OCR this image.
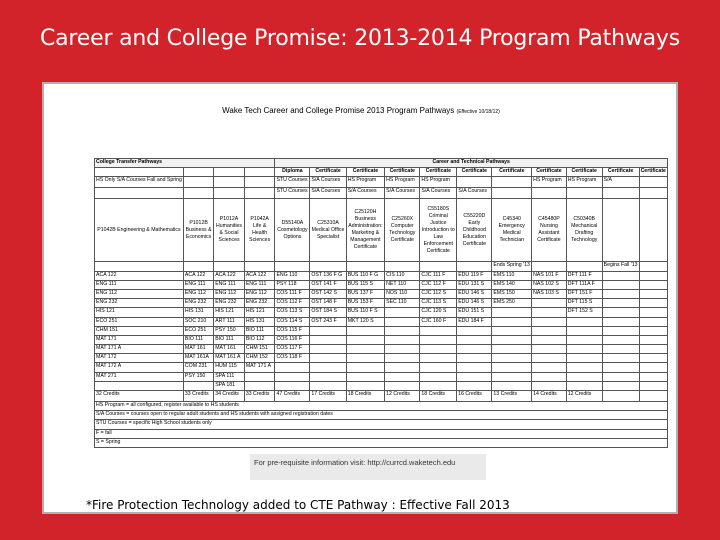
Career and College Promise: 2013-2014 Program Pathways
Wake Tech Career and College Promise 2013 Program Pathways (Effective 10/18/12)
College Transfer Pathways				Career and Technical Pathways										
				Diploma	Certificate	Certificate	Certificate	Certificate	Certificate	Certificate	Certificate	Certificate	Certificate	Certificate
HS Only S/A Courses Fall and Spring				STU Courses	S/A Courses	HS Program	HS Program	HS Program			HS Program	HS Program	S/A	
				STU Courses	S/A Courses	S/A Courses	S/A Courses	S/A Courses	S/A Courses					
P1042B Engineering & Mathematics	P1012B Business & Economics	P1012A Humanities & Social Sciences	P1042A Life & Health Sciences	D55140A Cosmetology Options	C25310A Medical Office Specialist	C25120H Business Administration: Marketing & Management Certificate	C25260X Computer Technology Certificate	C55180S Criminal Justice Introduction to Law Enforcement Certificate	C55220D Early Childhood Education Certificate	C45340 Emergency Medical Technician	C45480P Nursing Assistant Certificate	C50340B Mechanical Drafting Technology		
										Ends Spring '13			Begins Fall '13	
ACA 122	ACA 122	ACA 122	ACA 122	ENG 110	OST 136 F G	BUS 110 F G	CIS 110	CJC 111 F	EDU 119 F	EMS 110	NAS 101 F	DFT 111 F		
ENG 111	ENG 111	ENG 111	ENG 111	PSY 118	OST 141 F	BUS 115 S	NET 110	CJC 112 F	EDU 131 S	EMS 140	NAS 102 S	DFT 111A F		
ENG 112	ENG 112	ENG 112	ENG 112	COS 111 F	OST 142 S	BUS 137 F	NOS 110	CJC 112 S	EDU 146 S	EMS 150	NAS 103 S	DFT 151 F		
ENG 232	ENG 232	ENG 232	ENG 232	COS 112 F	OST 148 F	BUS 153 F	SEC 110	CJC 113 S	EDU 146 S	EMS 250		DFT 115 S		
HIS 121	HIS 131	HIS 121	HIS 121	COS 113 S	OST 184 S	BUS 110 F S		CJC 120 S	EDU 151 S			DFT 152 S		
ECO 251	SOC 210	ART 111	HIS 131	COS 114 S	OST 243 F	MKT 120 S		CJC 160 F	EDU 184 F					
CHM 151	ECO 251	PSY 150	BIO 111	COS 115 F										
MAT 171	BIO 111	BIO 111	BIO 112	COS 116 F										
MAT 171 A	MAT 161	MAT 161	CHM 151	COS 117 F										
MAT 172	MAT 161A	MAT 161 A	CHM 152	COS 118 F										
MAT 172 A	COM 231	HUM 115	MAT 171 A											
MAT 271	PSY 150	SPA 111												
		SPA 181												
32 Credits	33 Credits	34 Credits	33 Credits	47 Credits	17 Credits	18 Credits	12 Credits	18 Credits	16 Credits	13 Credits	14 Credits	12 Credits		
HS Program = all configured, register available to HS students														
S/A Courses = courses open to regular adult students and HS students with assigned registration dates														
STU Courses = specific High School students only														
F = fall														
S = Spring														
For pre-requisite information visit: http://currcd.waketech.edu
*Fire Protection Technology added to CTE Pathway : Effective Fall 2013
